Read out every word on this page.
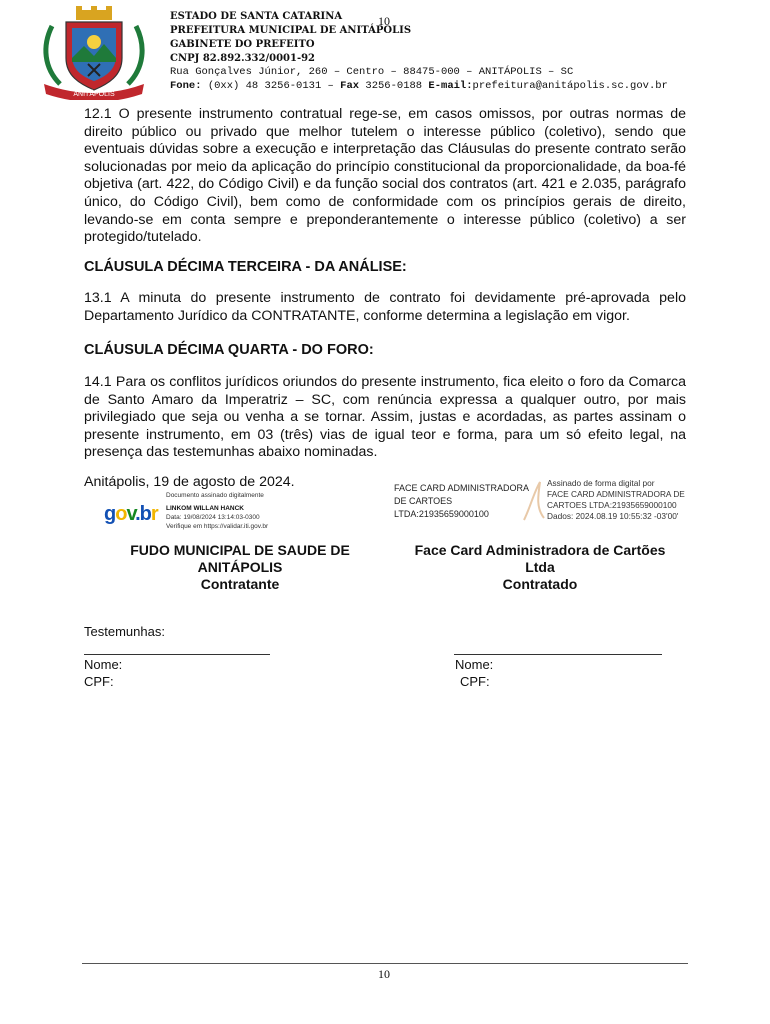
ANITÁPOLIS
ESTADO DE SANTA CATARINA	10
PREFEITURA MUNICIPAL DE ANITÁPOLIS
GABINETE DO PREFEITO
CNPJ 82.892.332/0001-92
Rua Gonçalves Júnior, 260 – Centro – 88475-000 – ANITÁPOLIS – SC
Fone: (0xx) 48 3256-0131 – Fax 3256-0188 E-mail:prefeitura@anitápolis.sc.gov.br
12.1 O presente instrumento contratual rege-se, em casos omissos, por outras normas de direito público ou privado que melhor tutelem o interesse público (coletivo), sendo que eventuais dúvidas sobre a execução e interpretação das Cláusulas do presente contrato serão solucionadas por meio da aplicação do princípio constitucional da proporcionalidade, da boa-fé objetiva (art. 422, do Código Civil) e da função social dos contratos (art. 421 e 2.035, parágrafo único, do Código Civil), bem como de conformidade com os princípios gerais de direito, levando-se em conta sempre e preponderantemente o interesse público (coletivo) a ser protegido/tutelado.
CLÁUSULA DÉCIMA TERCEIRA - DA ANÁLISE:
13.1 A minuta do presente instrumento de contrato foi devidamente pré-aprovada pelo Departamento Jurídico da CONTRATANTE, conforme determina a legislação em vigor.
CLÁUSULA DÉCIMA QUARTA - DO FORO:
14.1 Para os conflitos jurídicos oriundos do presente instrumento, fica eleito o foro da Comarca de Santo Amaro da Imperatriz – SC, com renúncia expressa a qualquer outro, por mais privilegiado que seja ou venha a se tornar. Assim, justas e acordadas, as partes assinam o presente instrumento, em 03 (três) vias de igual teor e forma, para um só efeito legal, na presença das testemunhas abaixo nominadas.
Anitápolis, 19 de agosto de 2024.
gov.br
Documento assinado digitalmente
LINKOM WILLAN HANCK
Data: 19/08/2024 13:14:03-0300
Verifique em https://validar.iti.gov.br
FACE CARD ADMINISTRADORA
DE CARTOES
LTDA:21935659000100
Assinado de forma digital por
FACE CARD ADMINISTRADORA DE
CARTOES LTDA:21935659000100
Dados: 2024.08.19 10:55:32 -03'00'
FUDO MUNICIPAL DE SAUDE DE
ANITÁPOLIS
Contratante
Face Card Administradora de Cartões
Ltda
Contratado
Testemunhas:
Nome:
CPF:
Nome:
CPF:
10
